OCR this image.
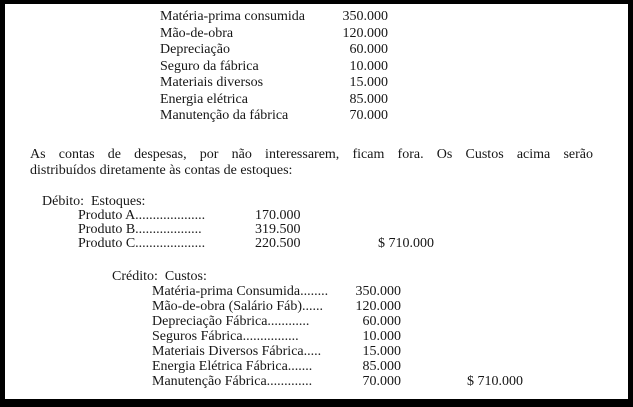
Matéria-prima consumida	350.000
Mão-de-obra	120.000
Depreciação	60.000
Seguro da fábrica	10.000
Materiais diversos	15.000
Energia elétrica	85.000
Manutenção da fábrica	70.000
As contas de despesas, por não interessarem, ficam fora. Os Custos acima serão
distribuídos diretamente às contas de estoques:
Débito:  Estoques:
Produto A....................	170.000
Produto B...................	319.500
Produto C....................	220.500	$ 710.000
Crédito:  Custos:
Matéria-prima Consumida........	350.000
Mão-de-obra (Salário Fáb)......	120.000
Depreciação Fábrica............	60.000
Seguros Fábrica................	10.000
Materiais Diversos Fábrica.....	15.000
Energia Elétrica Fábrica.......	85.000
Manutenção Fábrica.............	70.000	$ 710.000
